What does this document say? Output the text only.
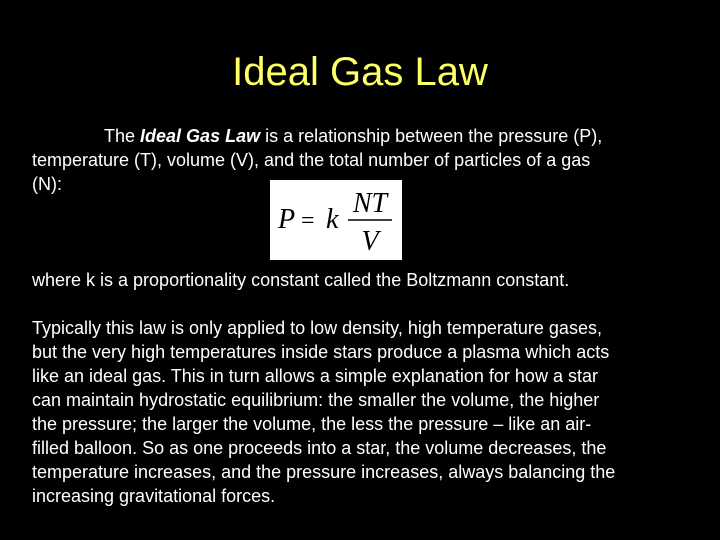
Ideal Gas Law

The Ideal Gas Law is a relationship between the pressure (P),
temperature (T), volume (V), and the total number of particles of a gas
(N):

P = k
NT
V

where k is a proportionality constant called the Boltzmann constant.

Typically this law is only applied to low density, high temperature gases,
but the very high temperatures inside stars produce a plasma which acts
like an ideal gas. This in turn allows a simple explanation for how a star
can maintain hydrostatic equilibrium: the smaller the volume, the higher
the pressure; the larger the volume, the less the pressure – like an air-
filled balloon. So as one proceeds into a star, the volume decreases, the
temperature increases, and the pressure increases, always balancing the
increasing gravitational forces.
